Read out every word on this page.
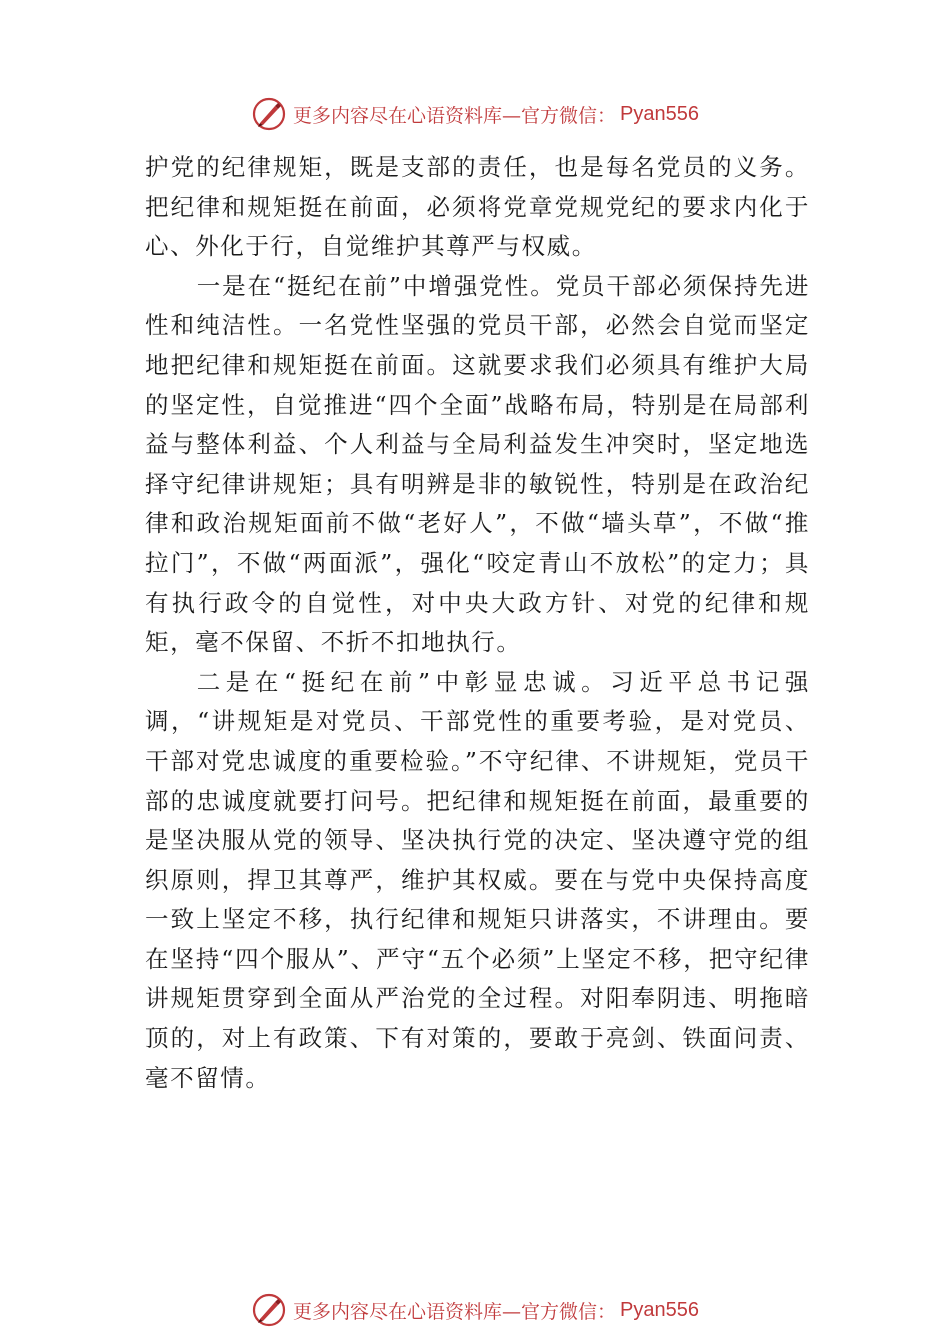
更多内容尽在心语资料库—官方微信： Pyan556

护党的纪律规矩，既是支部的责任，也是每名党员的义务。 把纪律和规矩挺在前面，必须将党章党规党纪的要求内化于心、外化于行，自觉维护其尊严与权威。

一是在“挺纪在前”中增强党性。党员干部必须保持先进性和纯洁性。一名党性坚强的党员干部，必然会自觉而坚定地把纪律和规矩挺在前面。这就要求我们必须具有维护大局的坚定性，自觉推进“四个全面”战略布局，特别是在局部利益与整体利益、个人利益与全局利益发生冲突时，坚定地选择守纪律讲规矩；具有明辨是非的敏锐性，特别是在政治纪律和政治规矩面前不做“老好人”，不做“墙头草”，不做“推拉门”，不做“两面派”，强化“咬定青山不放松”的定力；具有执行政令的自觉性，对中央大政方针、对党的纪律和规矩，毫不保留、不折不扣地执行。

二是在“挺纪在前”中彰显忠诚。习近平总书记强调，“讲规矩是对党员、干部党性的重要考验，是对党员、干部对党忠诚度的重要检验。”不守纪律、不讲规矩，党员干部的忠诚度就要打问号。把纪律和规矩挺在前面，最重要的是坚决服从党的领导、坚决执行党的决定、坚决遵守党的组织原则，捍卫其尊严，维护其权威。要在与党中央保持高度一致上坚定不移，执行纪律和规矩只讲落实，不讲理由。要在坚持“四个服从”、严守“五个必须”上坚定不移，把守纪律讲规矩贯穿到全面从严治党的全过程。对阳奉阴违、明拖暗顶的，对上有政策、下有对策的，要敢于亮剑、铁面问责、毫不留情。

更多内容尽在心语资料库—官方微信： Pyan556
